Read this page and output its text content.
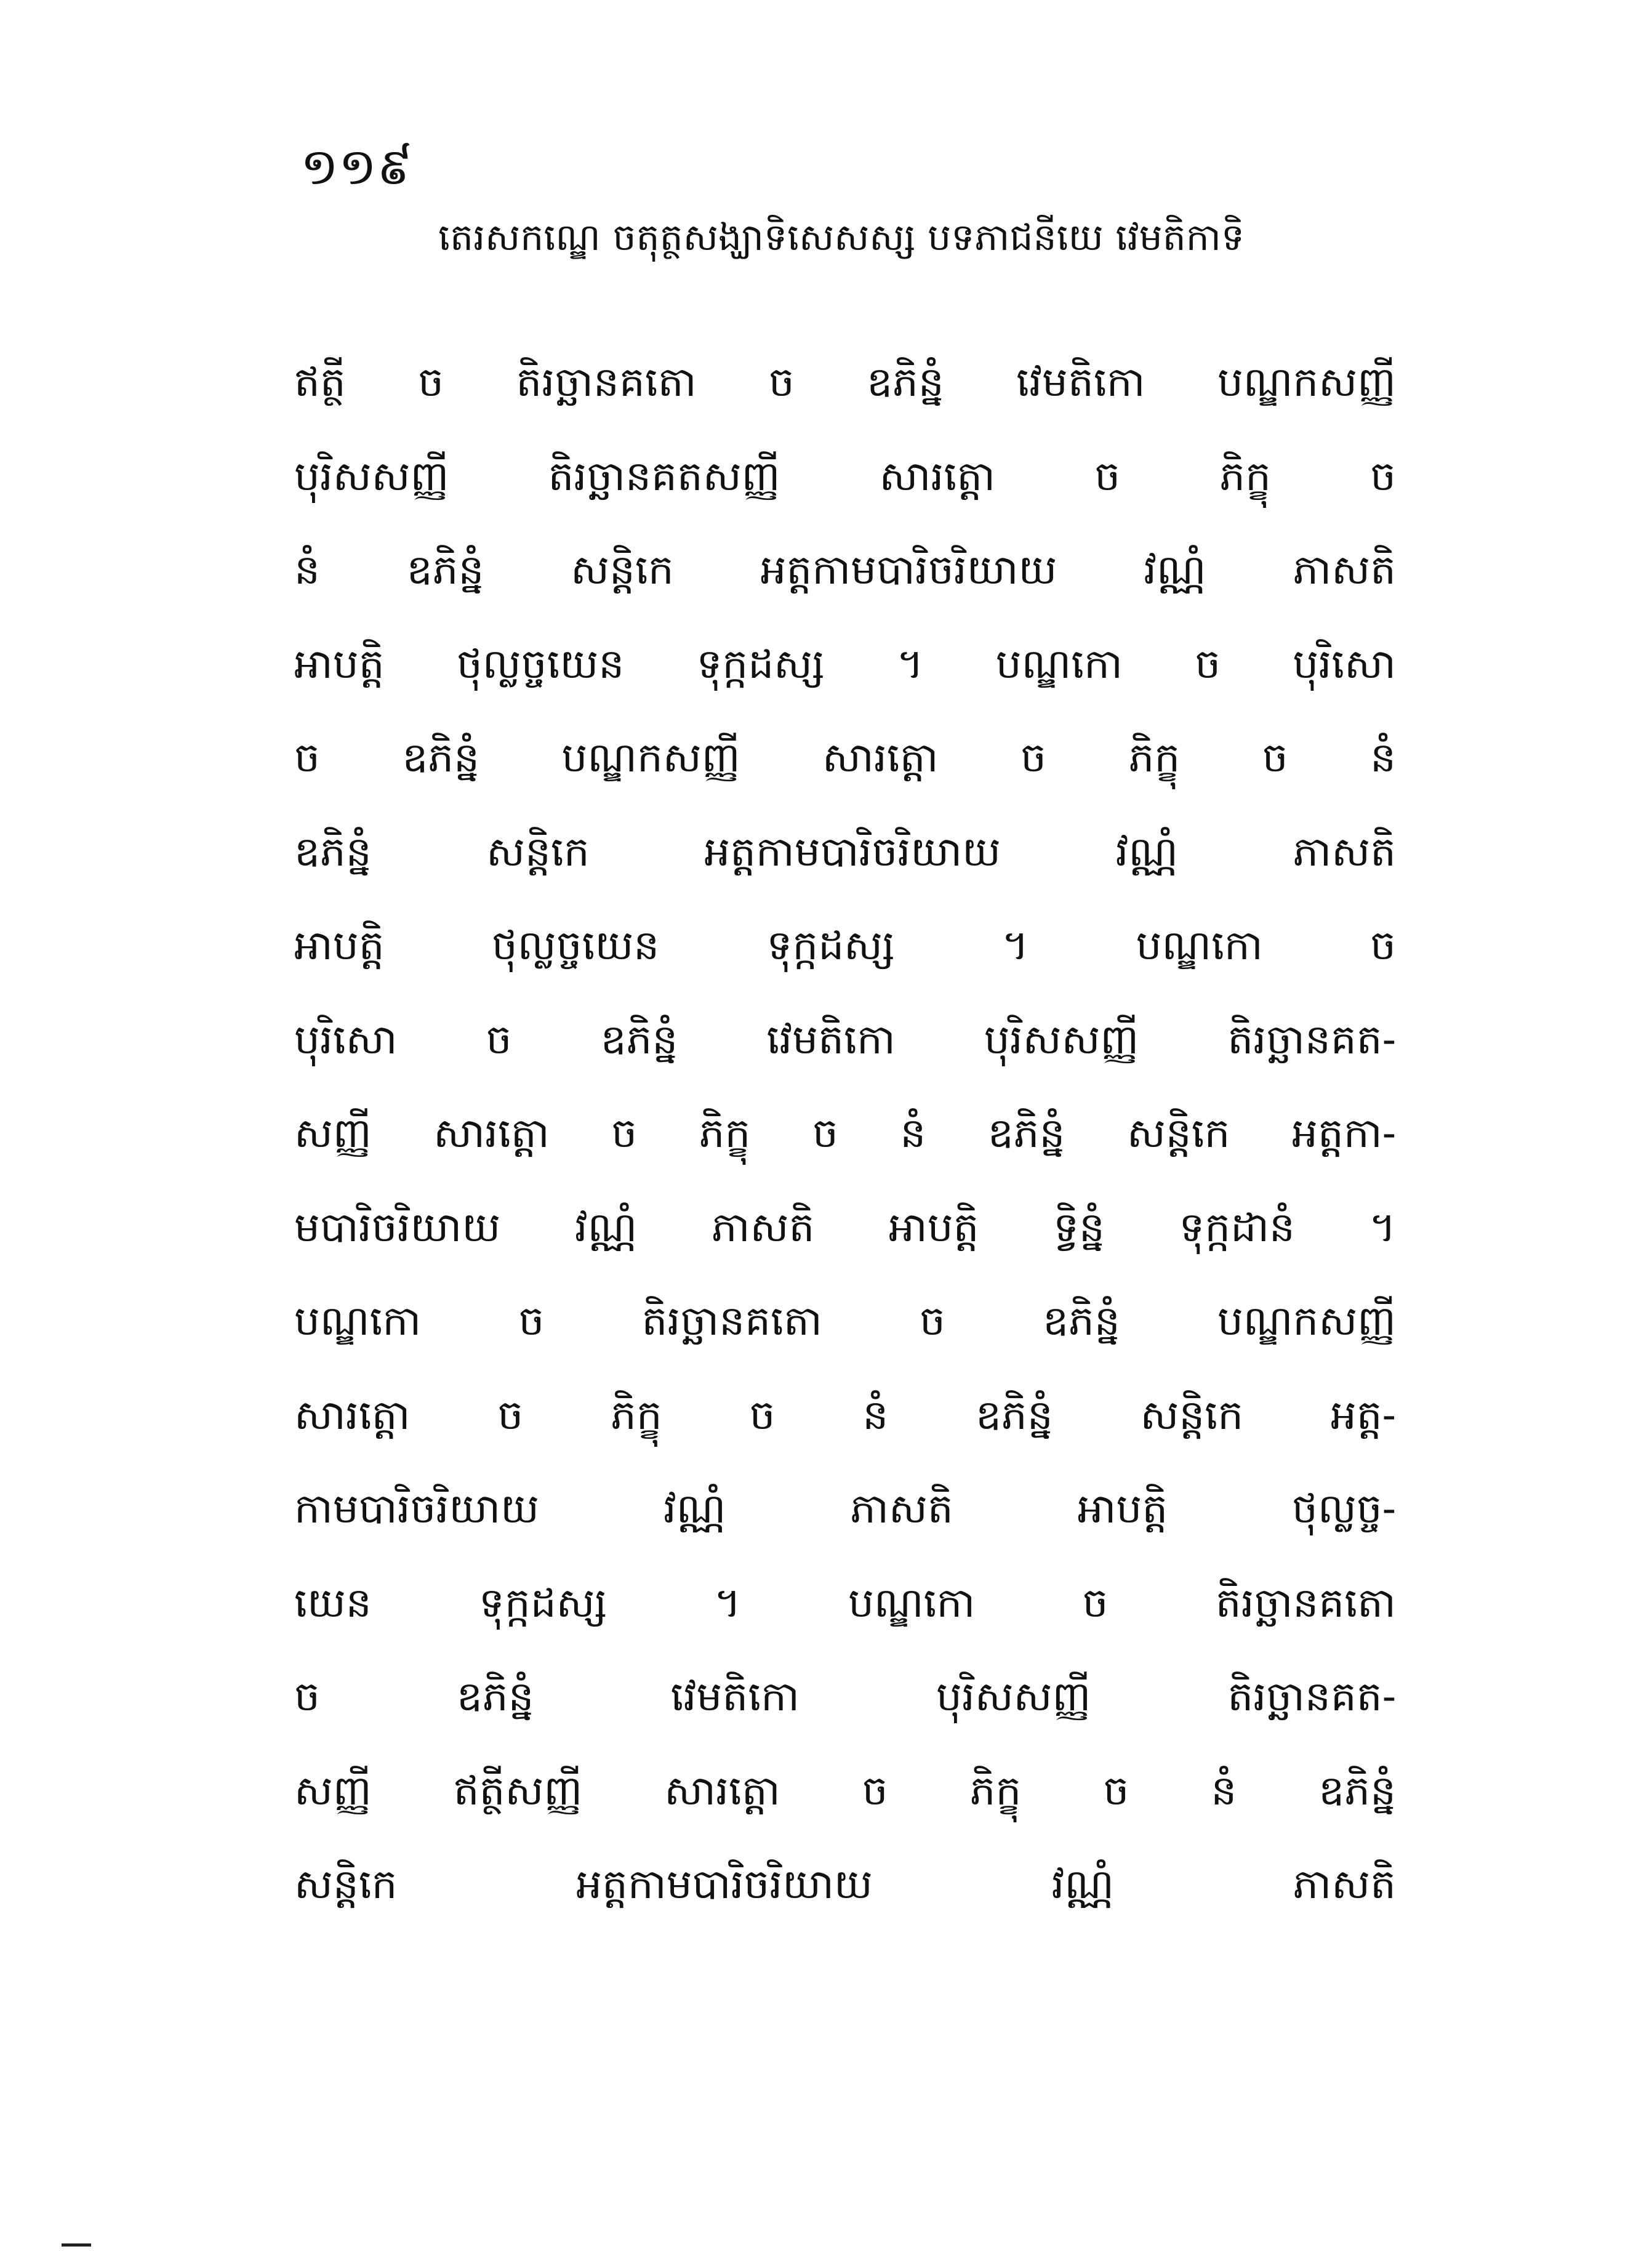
១១៩
តេរសកណ្ឌេ ចតុត្ថសង្ឃាទិសេសស្ស បទភាជនីយេ វេមតិកាទិ
ឥត្ថី ច តិរច្ឆានគតោ ច ឧភិន្នំ វេមតិកោ បណ្ឌកសញ្ញី
បុរិសសញ្ញី តិរច្ឆានគតសញ្ញី សារត្តោ ច ភិក្ខុ ច
នំ ឧភិន្នំ សន្តិកេ អត្តកាមបារិចរិយាយ វណ្ណំ ភាសតិ
អាបត្តិ ថុល្លច្ចយេន ទុក្កដស្ស ។ បណ្ឌកោ ច បុរិសោ
ច ឧភិន្នំ បណ្ឌកសញ្ញី សារត្តោ ច ភិក្ខុ ច នំ
ឧភិន្នំ សន្តិកេ អត្តកាមបារិចរិយាយ វណ្ណំ ភាសតិ
អាបត្តិ ថុល្លច្ចយេន ទុក្កដស្ស ។ បណ្ឌកោ ច
បុរិសោ ច ឧភិន្នំ វេមតិកោ បុរិសសញ្ញី តិរច្ឆានគត-
សញ្ញី សារត្តោ ច ភិក្ខុ ច នំ ឧភិន្នំ សន្តិកេ អត្តកា-
មបារិចរិយាយ វណ្ណំ ភាសតិ អាបត្តិ ទ្វិន្នំ ទុក្កដានំ ។
បណ្ឌកោ ច តិរច្ឆានគតោ ច ឧភិន្នំ បណ្ឌកសញ្ញី
សារត្តោ ច ភិក្ខុ ច នំ ឧភិន្នំ សន្តិកេ អត្ត-
កាមបារិចរិយាយ វណ្ណំ ភាសតិ អាបត្តិ ថុល្លច្ច-
យេន ទុក្កដស្ស ។ បណ្ឌកោ ច តិរច្ឆានគតោ
ច ឧភិន្នំ វេមតិកោ បុរិសសញ្ញី តិរច្ឆានគត-
សញ្ញី ឥត្ថីសញ្ញី សារត្តោ ច ភិក្ខុ ច នំ ឧភិន្នំ
សន្តិកេ អត្តកាមបារិចរិយាយ វណ្ណំ ភាសតិ
